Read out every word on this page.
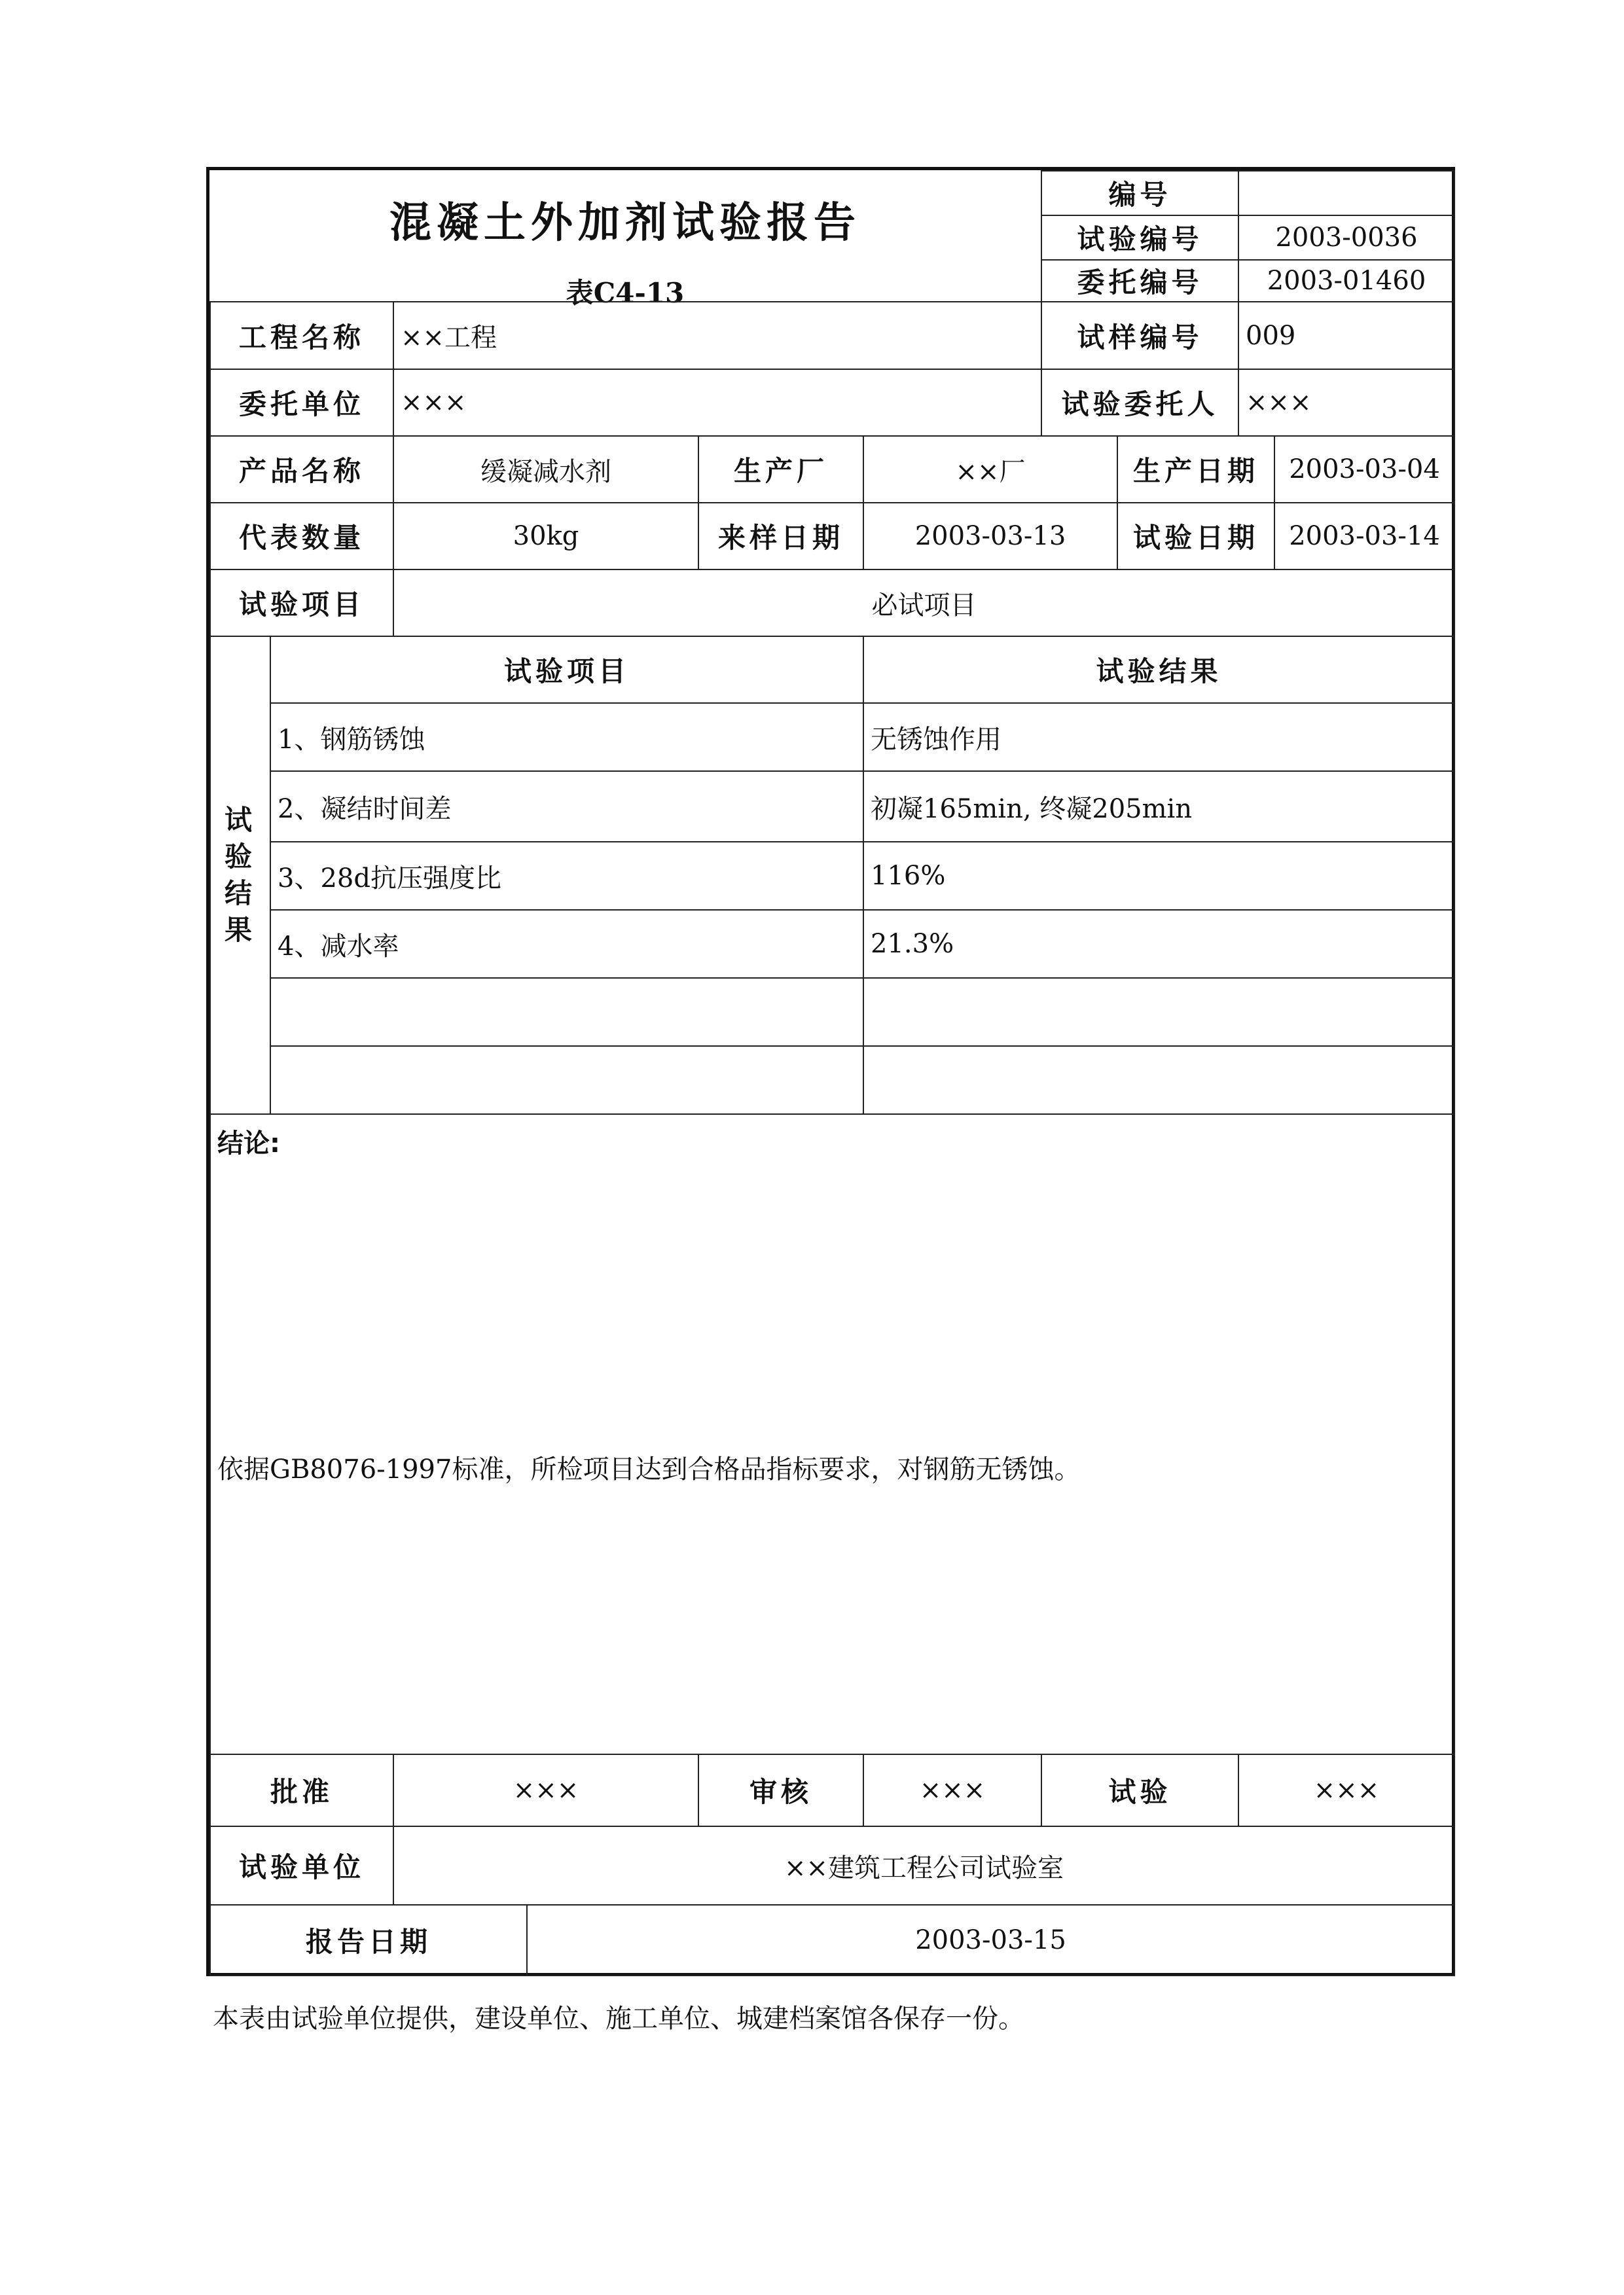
混凝土外加剂试验报告
表C4-13
编号
试验编号	2003-0036
委托编号	2003-01460
工程名称	××工程	试样编号	009
委托单位	×××	试验委托人	×××
产品名称	缓凝减水剂	生产厂	××厂	生产日期	2003-03-04
代表数量	30kg	来样日期	2003-03-13	试验日期	2003-03-14
试验项目	必试项目
试
验
结
果
试验项目	试验结果
1、钢筋锈蚀	无锈蚀作用
2、凝结时间差	初凝165min, 终凝205min
3、28d抗压强度比	116%
4、减水率	21.3%
结论:
依据GB8076-1997标准，所检项目达到合格品指标要求，对钢筋无锈蚀。
批准	×××	审核	×××	试验	×××
试验单位	××建筑工程公司试验室
报告日期	2003-03-15
本表由试验单位提供，建设单位、施工单位、城建档案馆各保存一份。
